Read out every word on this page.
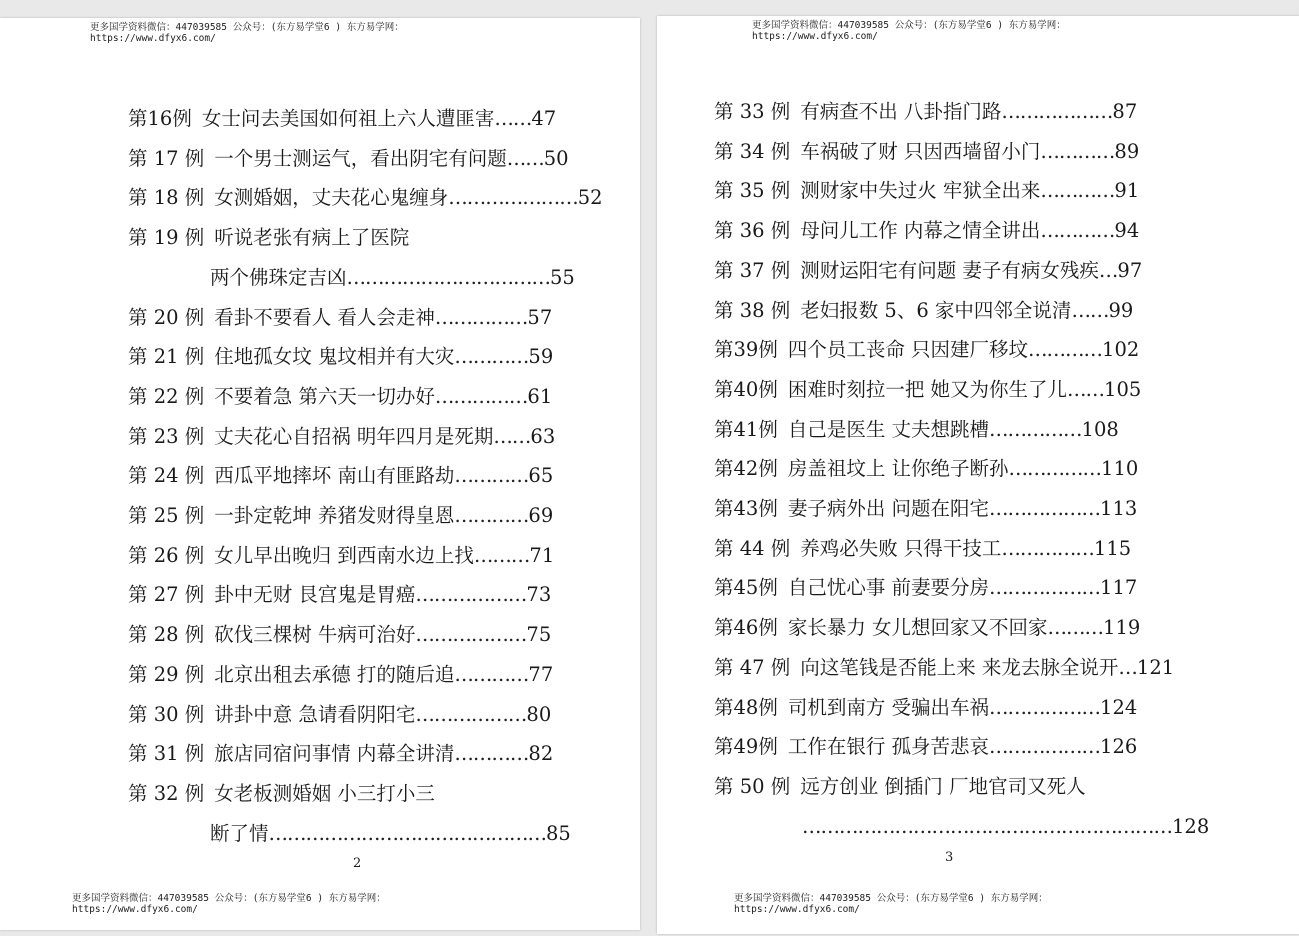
更多国学资料微信：447039585 公众号：(东方易学堂6 ) 东方易学网：
https://www.dfyx6.com/
第16例 女士问去美国如何祖上六人遭匪害 …… 47
第 17 例 一个男士测运气，看出阴宅有问题 …… 50
第 18 例 女测婚姻，丈夫花心鬼缠身 ………………… 52
第 19 例 听说老张有病上了医院
两个佛珠定吉凶 …………………………… 55
第 20 例 看卦不要看人 看人会走神 …………… 57
第 21 例 住地孤女坟 鬼坟相并有大灾 ………… 59
第 22 例 不要着急 第六天一切办好 …………… 61
第 23 例 丈夫花心自招祸 明年四月是死期 …… 63
第 24 例 西瓜平地摔坏 南山有匪路劫 ………… 65
第 25 例 一卦定乾坤 养猪发财得皇恩 ………… 69
第 26 例 女儿早出晚归 到西南水边上找 ……… 71
第 27 例 卦中无财 艮宫鬼是胃癌 ……………… 73
第 28 例 砍伐三棵树 牛病可治好 ……………… 75
第 29 例 北京出租去承德 打的随后追 ………… 77
第 30 例 讲卦中意 急请看阴阳宅 ……………… 80
第 31 例 旅店同宿问事情 内幕全讲清 ………… 82
第 32 例 女老板测婚姻 小三打小三
断了情 ……………………………………… 85
2
更多国学资料微信：447039585 公众号：(东方易学堂6 ) 东方易学网：
https://www.dfyx6.com/
更多国学资料微信：447039585 公众号：(东方易学堂6 ) 东方易学网：
https://www.dfyx6.com/
第 33 例 有病查不出 八卦指门路 ……………… 87
第 34 例 车祸破了财 只因西墙留小门 ………… 89
第 35 例 测财家中失过火 牢狱全出来 ………… 91
第 36 例 母问儿工作 内幕之情全讲出 ………… 94
第 37 例 测财运阳宅有问题 妻子有病女残疾 … 97
第 38 例 老妇报数 5、6 家中四邻全说清 …… 99
第39例 四个员工丧命 只因建厂移坟 ………… 102
第40例 困难时刻拉一把 她又为你生了儿 …… 105
第41例 自己是医生 丈夫想跳槽 …………… 108
第42例 房盖祖坟上 让你绝子断孙 …………… 110
第43例 妻子病外出 问题在阳宅 ……………… 113
第 44 例 养鸡必失败 只得干技工 …………… 115
第45例 自己忧心事 前妻要分房 ……………… 117
第46例 家长暴力 女儿想回家又不回家 ……… 119
第 47 例 向这笔钱是否能上来 来龙去脉全说开 … 121
第48例 司机到南方 受骗出车祸 ……………… 124
第49例 工作在银行 孤身苦悲哀 ……………… 126
第 50 例 远方创业 倒插门 厂地官司又死人
…………………………………………………… 128
3
更多国学资料微信：447039585 公众号：(东方易学堂6 ) 东方易学网：
https://www.dfyx6.com/
